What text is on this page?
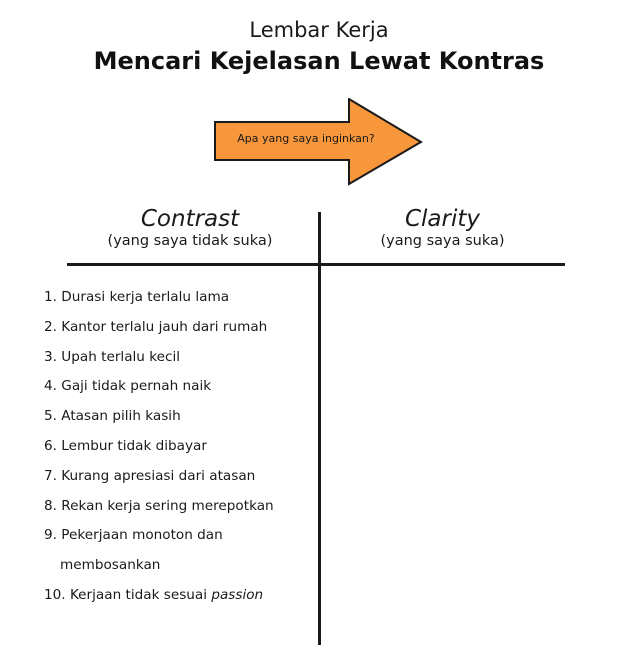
Lembar Kerja
Mencari Kejelasan Lewat Kontras
Apa yang saya inginkan?
Contrast
(yang saya tidak suka)
Clarity
(yang saya suka)
1. Durasi kerja terlalu lama
2. Kantor terlalu jauh dari rumah
3. Upah terlalu kecil
4. Gaji tidak pernah naik
5. Atasan pilih kasih
6. Lembur tidak dibayar
7. Kurang apresiasi dari atasan
8. Rekan kerja sering merepotkan
9. Pekerjaan monoton dan
membosankan
10. Kerjaan tidak sesuai passion
